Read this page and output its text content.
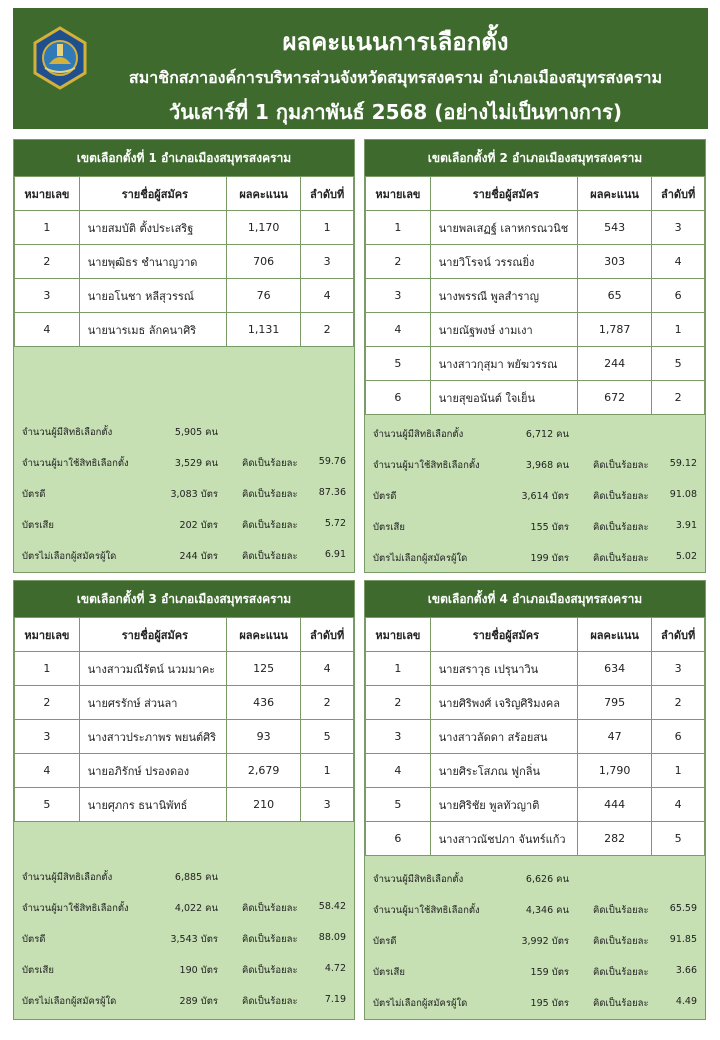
ผลคะแนนการเลือกตั้ง
สมาชิกสภาองค์การบริหารส่วนจังหวัดสมุทรสงคราม อำเภอเมืองสมุทรสงคราม
วันเสาร์ที่ 1 กุมภาพันธ์ 2568 (อย่างไม่เป็นทางการ)
เขตเลือกตั้งที่ 1 อำเภอเมืองสมุทรสงคราม
หมายเลข	รายชื่อผู้สมัคร	ผลคะแนน	ลำดับที่
1	นายสมบัติ ตั้งประเสริฐ	1,170	1
2	นายพุฒิธร ชำนาญวาด	706	3
3	นายอโนชา หลีสุวรรณ์	76	4
4	นายนารเมธ ลักคนาศิริ	1,131	2
จำนวนผู้มีสิทธิเลือกตั้ง	5,905 คน
จำนวนผู้มาใช้สิทธิเลือกตั้ง	3,529 คน	คิดเป็นร้อยละ 59.76
บัตรดี	3,083 บัตร	คิดเป็นร้อยละ 87.36
บัตรเสีย	202 บัตร	คิดเป็นร้อยละ	5.72
บัตรไม่เลือกผู้สมัครผู้ใด	244 บัตร	คิดเป็นร้อยละ	6.91
เขตเลือกตั้งที่ 2 อำเภอเมืองสมุทรสงคราม
หมายเลข	รายชื่อผู้สมัคร	ผลคะแนน	ลำดับที่
1	นายพลเสฏฐ์ เลาหกรณวนิช	543	3
2	นายวิโรจน์ วรรณยิ่ง	303	4
3	นางพรรณี พูลสำราญ	65	6
4	นายณัฐพงษ์ งามเงา	1,787	1
5	นางสาวกุสุมา พยัฆวรรณ	244	5
6	นายสุขอนันต์ ใจเย็น	672	2
จำนวนผู้มีสิทธิเลือกตั้ง	6,712 คน
จำนวนผู้มาใช้สิทธิเลือกตั้ง	3,968 คน	คิดเป็นร้อยละ 59.12
บัตรดี	3,614 บัตร	คิดเป็นร้อยละ 91.08
บัตรเสีย	155 บัตร	คิดเป็นร้อยละ	3.91
บัตรไม่เลือกผู้สมัครผู้ใด	199 บัตร	คิดเป็นร้อยละ	5.02
เขตเลือกตั้งที่ 3 อำเภอเมืองสมุทรสงคราม
หมายเลข	รายชื่อผู้สมัคร	ผลคะแนน	ลำดับที่
1	นางสาวมณีรัตน์ นวมมาคะ	125	4
2	นายศรรักษ์ ส่วนลา	436	2
3	นางสาวประภาพร พยนต์ศิริ	93	5
4	นายอภิรักษ์ ปรองดอง	2,679	1
5	นายศุภกร ธนานิพัทธ์	210	3
จำนวนผู้มีสิทธิเลือกตั้ง	6,885 คน
จำนวนผู้มาใช้สิทธิเลือกตั้ง	4,022 คน	คิดเป็นร้อยละ 58.42
บัตรดี	3,543 บัตร	คิดเป็นร้อยละ 88.09
บัตรเสีย	190 บัตร	คิดเป็นร้อยละ	4.72
บัตรไม่เลือกผู้สมัครผู้ใด	289 บัตร	คิดเป็นร้อยละ	7.19
เขตเลือกตั้งที่ 4 อำเภอเมืองสมุทรสงคราม
หมายเลข	รายชื่อผู้สมัคร	ผลคะแนน	ลำดับที่
1	นายสราวุธ เปรุนาวิน	634	3
2	นายศิริพงศ์ เจริญศิริมงคล	795	2
3	นางสาวลัดดา สร้อยสน	47	6
4	นายศิระโสภณ ฟูกลิ่น	1,790	1
5	นายศิริชัย พูลทัวญาติ	444	4
6	นางสาวณัชปภา จันทร์แก้ว	282	5
จำนวนผู้มีสิทธิเลือกตั้ง	6,626 คน
จำนวนผู้มาใช้สิทธิเลือกตั้ง	4,346 คน	คิดเป็นร้อยละ 65.59
บัตรดี	3,992 บัตร	คิดเป็นร้อยละ 91.85
บัตรเสีย	159 บัตร	คิดเป็นร้อยละ	3.66
บัตรไม่เลือกผู้สมัครผู้ใด	195 บัตร	คิดเป็นร้อยละ	4.49
